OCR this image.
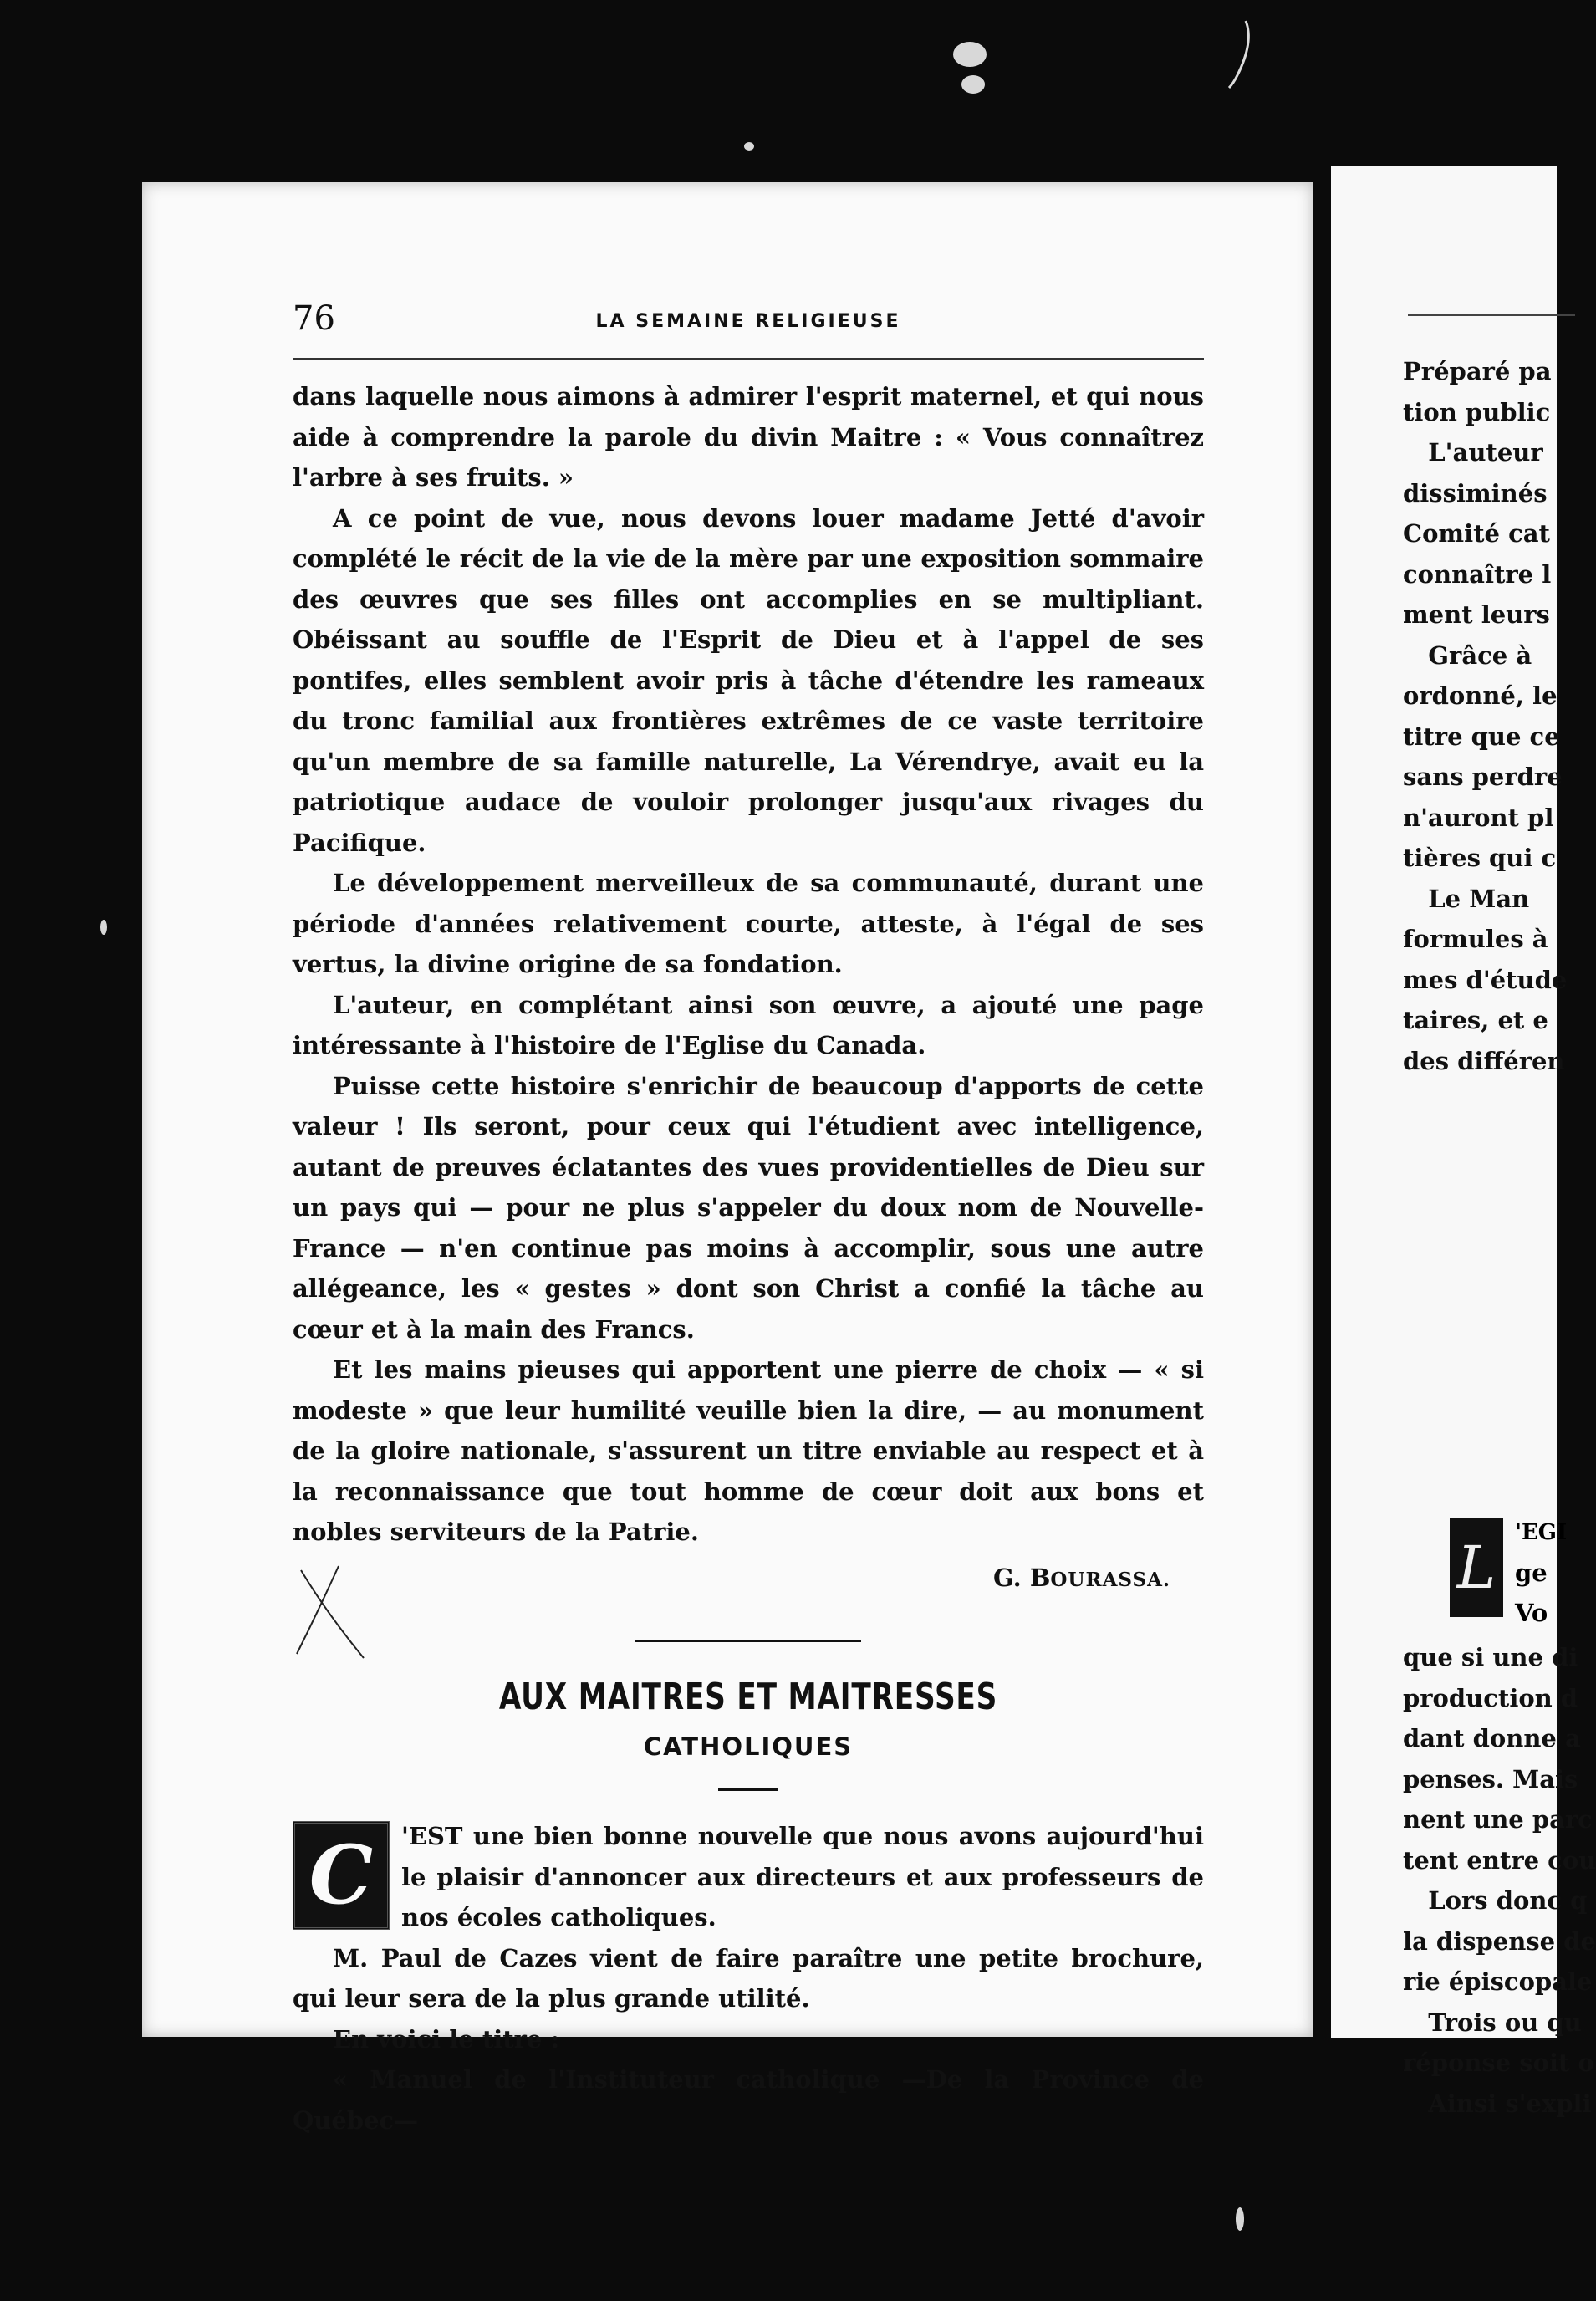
76	LA SEMAINE RELIGIEUSE

dans laquelle nous aimons à admirer l'esprit maternel, et qui nous aide à comprendre la parole du divin Maitre : « Vous connaîtrez l'arbre à ses fruits. »

A ce point de vue, nous devons louer madame Jetté d'avoir complété le récit de la vie de la mère par une exposition sommaire des œuvres que ses filles ont accomplies en se multipliant. Obéissant au souffle de l'Esprit de Dieu et à l'appel de ses pontifes, elles semblent avoir pris à tâche d'étendre les rameaux du tronc familial aux frontières extrêmes de ce vaste territoire qu'un membre de sa famille naturelle, La Vérendrye, avait eu la patriotique audace de vouloir prolonger jusqu'aux rivages du Pacifique.

Le développement merveilleux de sa communauté, durant une période d'années relativement courte, atteste, à l'égal de ses vertus, la divine origine de sa fondation.

L'auteur, en complétant ainsi son œuvre, a ajouté une page intéressante à l'histoire de l'Eglise du Canada.

Puisse cette histoire s'enrichir de beaucoup d'apports de cette valeur ! Ils seront, pour ceux qui l'étudient avec intelligence, autant de preuves éclatantes des vues providentielles de Dieu sur un pays qui — pour ne plus s'appeler du doux nom de Nouvelle-France — n'en continue pas moins à accomplir, sous une autre allégeance, les « gestes » dont son Christ a confié la tâche au cœur et à la main des Francs.

Et les mains pieuses qui apportent une pierre de choix — « si modeste » que leur humilité veuille bien la dire, — au monument de la gloire nationale, s'assurent un titre enviable au respect et à la reconnaissance que tout homme de cœur doit aux bons et nobles serviteurs de la Patrie.

G. BOURASSA.
AUX MAITRES ET MAITRESSES
CATHOLIQUES

C	'EST une bien bonne nouvelle que nous avons aujourd'hui le plaisir d'annoncer aux directeurs et aux professeurs de nos écoles catholiques.

M. Paul de Cazes vient de faire paraître une petite brochure, qui leur sera de la plus grande utilité.

En voici le titre :

« Manuel de l'Instituteur catholique —De la Province de Québec—

Préparé pa
tion public
L'auteur
dissiminés
Comité cat
connaître l
ment leurs
Grâce à
ordonné, le
titre que ce
sans perdre
n'auront pl
tières qui c
Le Man
formules à
mes d'étude
taires, et e
des différen
L
'EGI
ge
Vo
que si une di
production d
dant donne a
penses. Mais
nent une parc
tent entre cou
Lors donc q
la dispense de
rie épiscopale
Trois ou qu
réponse soit o
Ainsi s'expli
